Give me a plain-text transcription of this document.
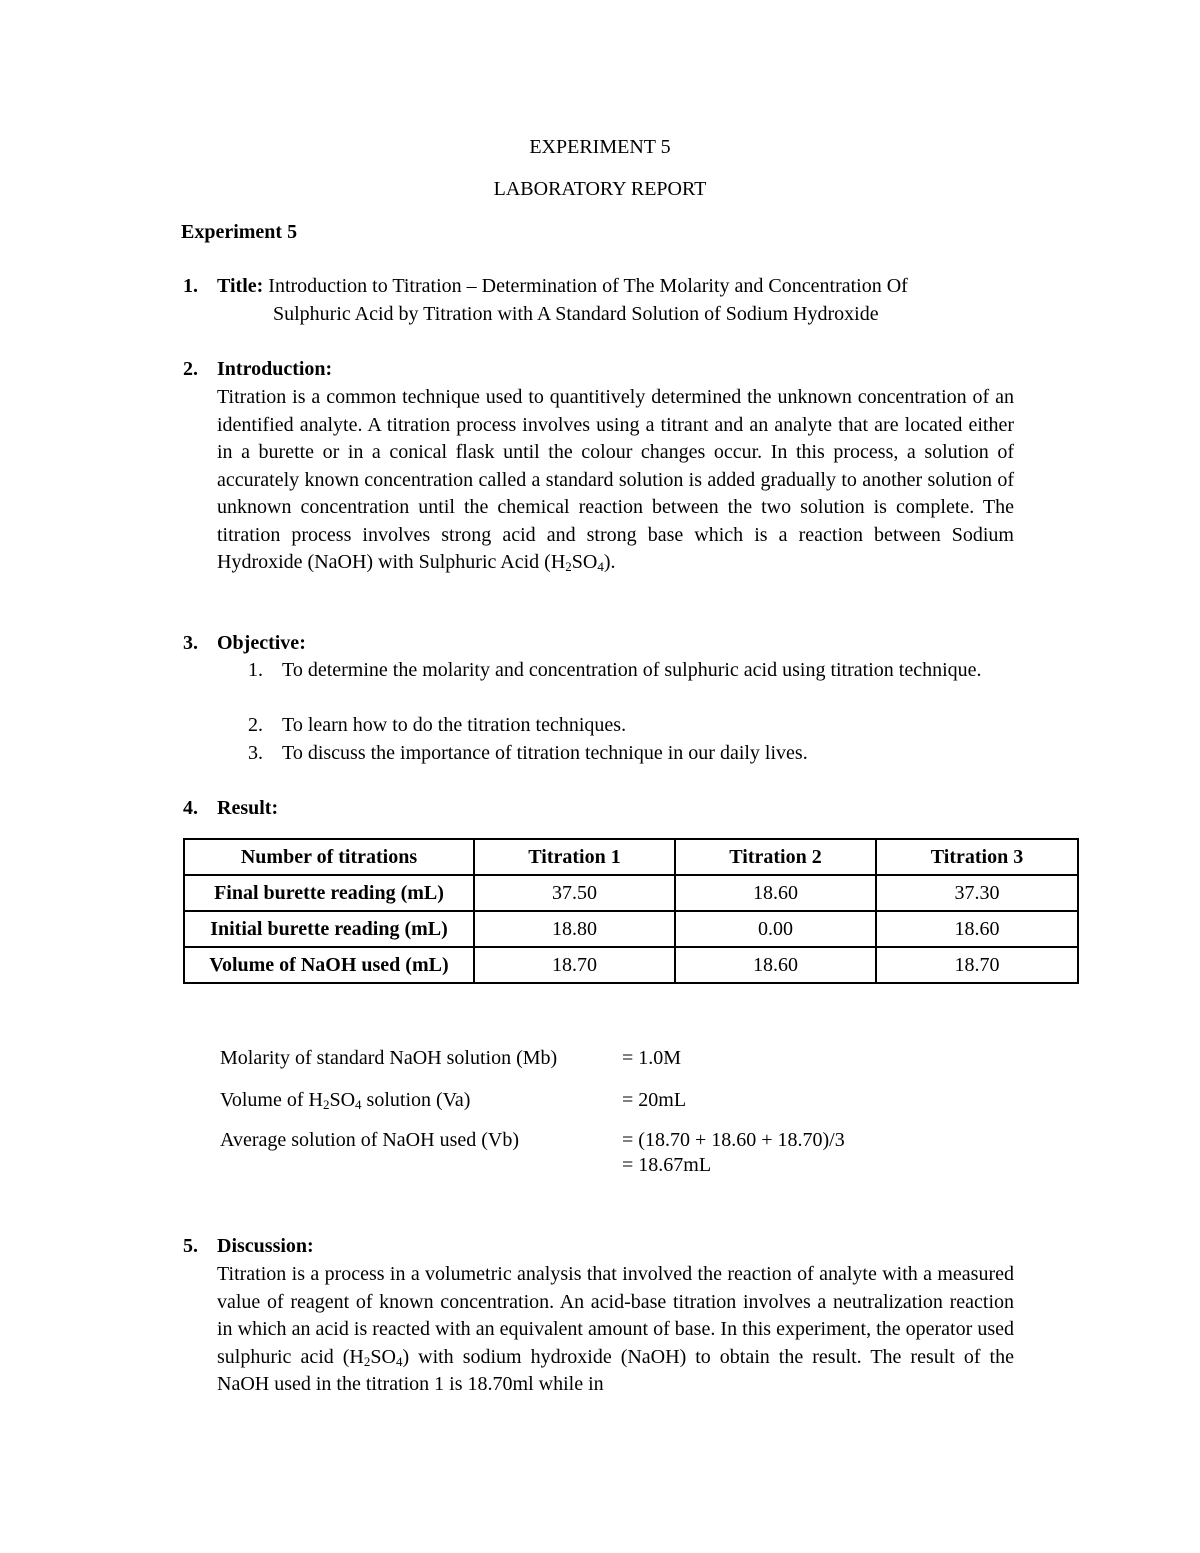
EXPERIMENT 5
LABORATORY REPORT
Experiment 5
1. Title: Introduction to Titration – Determination of The Molarity and Concentration Of
Sulphuric Acid by Titration with A Standard Solution of Sodium Hydroxide
2. Introduction:
Titration is a common technique used to quantitively determined the unknown concentration of an identified analyte. A titration process involves using a titrant and an analyte that are located either in a burette or in a conical flask until the colour changes occur. In this process, a solution of accurately known concentration called a standard solution is added gradually to another solution of unknown concentration until the chemical reaction between the two solution is complete. The titration process involves strong acid and strong base which is a reaction between Sodium Hydroxide (NaOH) with Sulphuric Acid $(H_2SO_4)$.
3. Objective:
1. To determine the molarity and concentration of sulphuric acid using titration technique.
2. To learn how to do the titration techniques.
3. To discuss the importance of titration technique in our daily lives.
4. Result:
Number of titrations	Titration 1	Titration 2	Titration 3
Final burette reading (mL)	37.50	18.60	37.30
Initial burette reading (mL)	18.80	0.00	18.60
Volume of NaOH used (mL)	18.70	18.60	18.70
Molarity of standard NaOH solution (Mb)	= 1.0M
Volume of $H_2SO_4$ solution (Va)	= 20mL
Average solution of NaOH used (Vb)	= (18.70 + 18.60 + 18.70)/3
= 18.67mL
5. Discussion:
Titration is a process in a volumetric analysis that involved the reaction of analyte with a measured value of reagent of known concentration. An acid-base titration involves a neutralization reaction in which an acid is reacted with an equivalent amount of base. In this experiment, the operator used sulphuric acid $(H_2SO_4)$ with sodium hydroxide (NaOH) to obtain the result. The result of the NaOH used in the titration 1 is 18.70ml while in
